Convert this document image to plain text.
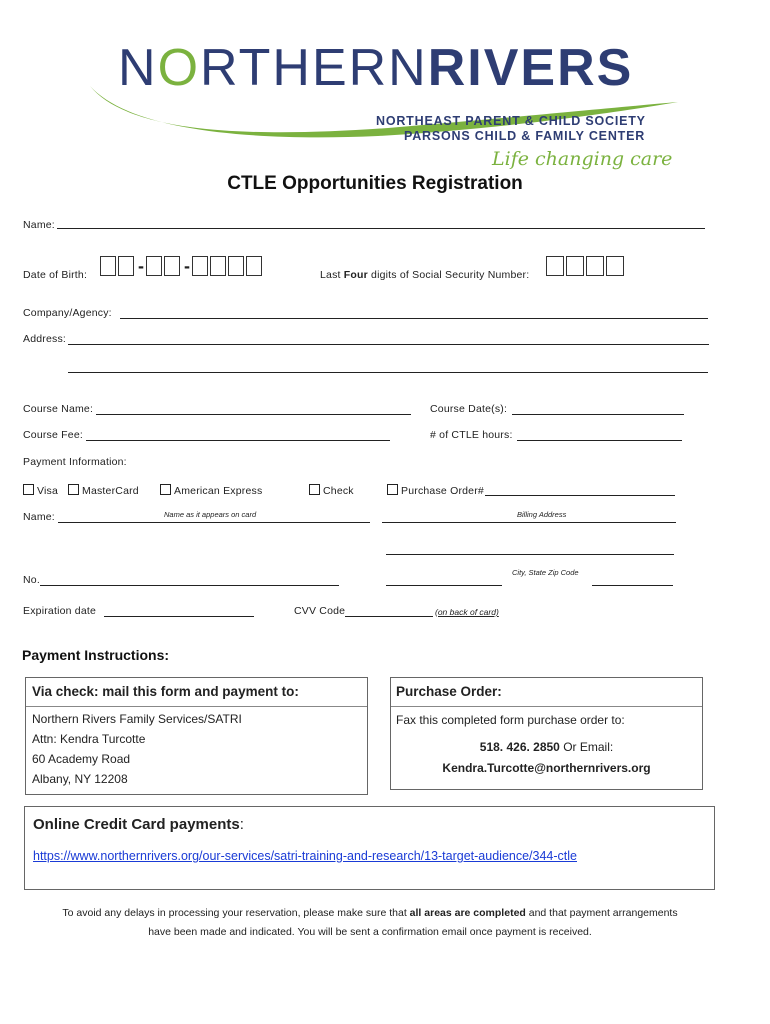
NORTHERNRIVERS
NORTHEAST PARENT & CHILD SOCIETY
PARSONS CHILD & FAMILY CENTER
Life changing care
CTLE Opportunities Registration
Name:
Date of Birth:	- -	Last Four digits of Social Security Number:
Company/Agency:
Address:
Course Name:	Course Date(s):
Course Fee:	# of CTLE hours:
Payment Information:
Visa	MasterCard	American Express	Check	Purchase Order#
Name:	Name as it appears on card	Billing Address
No.
City, State Zip Code
Expiration date	CVV Code	(on back of card)
Payment Instructions:
Via check: mail this form and payment to:
Northern Rivers Family Services/SATRI
Attn: Kendra Turcotte
60 Academy Road
Albany, NY 12208
Purchase Order:
Fax this completed form purchase order to:
518. 426. 2850 Or Email:
Kendra.Turcotte@northernrivers.org
Online Credit Card payments:
https://www.northernrivers.org/our-services/satri-training-and-research/13-target-audience/344-ctle
To avoid any delays in processing your reservation, please make sure that all areas are completed and that payment arrangements
have been made and indicated. You will be sent a confirmation email once payment is received.
